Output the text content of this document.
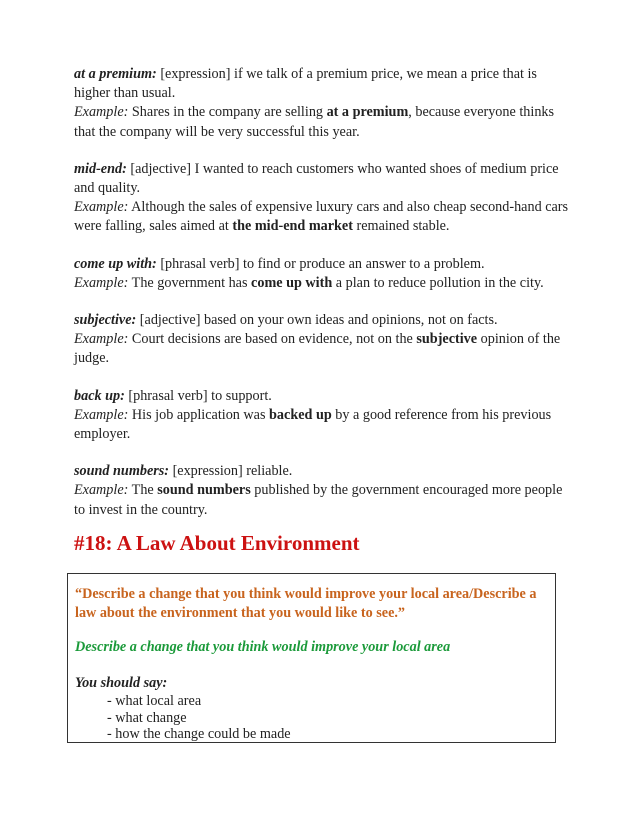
at a premium: [expression] if we talk of a premium price, we mean a price that is higher than usual.
Example: Shares in the company are selling at a premium, because everyone thinks that the company will be very successful this year.
mid-end: [adjective] I wanted to reach customers who wanted shoes of medium price and quality.
Example: Although the sales of expensive luxury cars and also cheap second-hand cars were falling, sales aimed at the mid-end market remained stable.
come up with: [phrasal verb] to find or produce an answer to a problem.
Example: The government has come up with a plan to reduce pollution in the city.
subjective: [adjective] based on your own ideas and opinions, not on facts.
Example: Court decisions are based on evidence, not on the subjective opinion of the judge.
back up: [phrasal verb] to support.
Example: His job application was backed up by a good reference from his previous employer.
sound numbers: [expression] reliable.
Example: The sound numbers published by the government encouraged more people to invest in the country.
#18: A Law About Environment
“Describe a change that you think would improve your local area/Describe a law about the environment that you would like to see.”
Describe a change that you think would improve your local area
You should say:
- what local area
- what change
- how the change could be made
